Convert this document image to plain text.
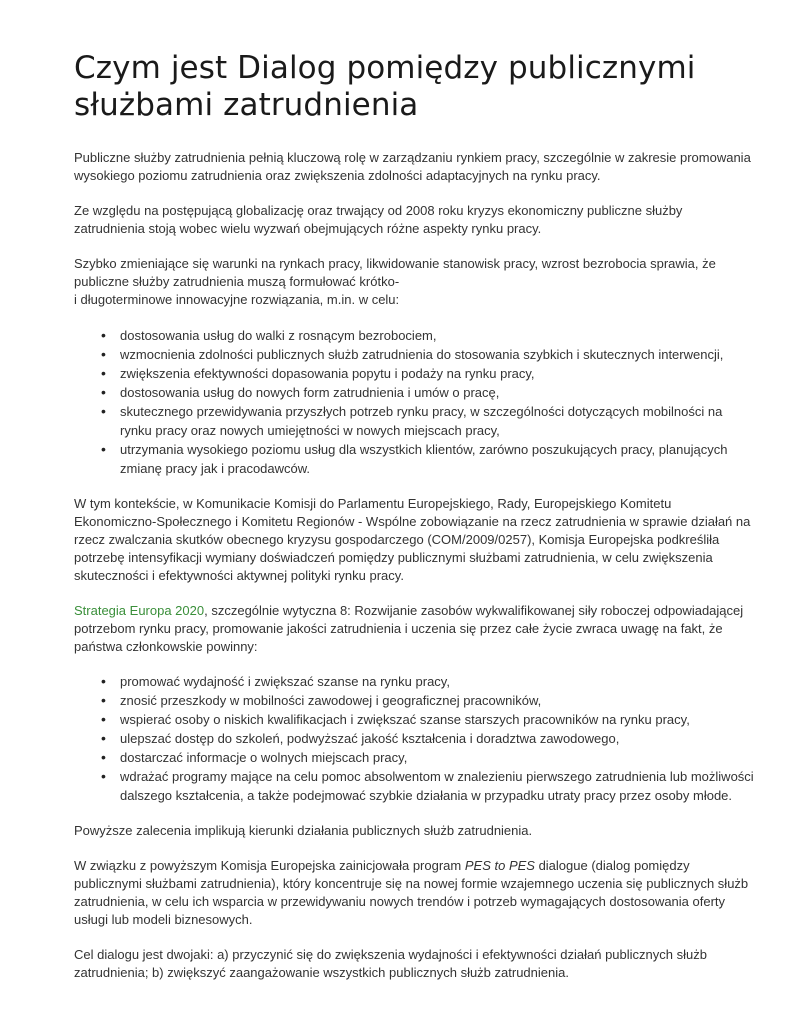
Czym jest Dialog pomiędzy publicznymi służbami zatrudnienia

Publiczne służby zatrudnienia pełnią kluczową rolę w zarządzaniu rynkiem pracy, szczególnie w zakresie promowania wysokiego poziomu zatrudnienia oraz zwiększenia zdolności adaptacyjnych na rynku pracy.

Ze względu na postępującą globalizację oraz trwający od 2008 roku kryzys ekonomiczny publiczne służby zatrudnienia stoją wobec wielu wyzwań obejmujących różne aspekty rynku pracy.

Szybko zmieniające się warunki na rynkach pracy, likwidowanie stanowisk pracy, wzrost bezrobocia sprawia, że publiczne służby zatrudnienia muszą formułować krótko-
i długoterminowe innowacyjne rozwiązania, m.in. w celu:

• dostosowania usług do walki z rosnącym bezrobociem,
• wzmocnienia zdolności publicznych służb zatrudnienia do stosowania szybkich i skutecznych interwencji,
• zwiększenia efektywności dopasowania popytu i podaży na rynku pracy,
• dostosowania usług do nowych form zatrudnienia i umów o pracę,
• skutecznego przewidywania przyszłych potrzeb rynku pracy, w szczególności dotyczących mobilności na rynku pracy oraz nowych umiejętności w nowych miejscach pracy,
• utrzymania wysokiego poziomu usług dla wszystkich klientów, zarówno poszukujących pracy, planujących zmianę pracy jak i pracodawców.

W tym kontekście, w Komunikacie Komisji do Parlamentu Europejskiego, Rady, Europejskiego Komitetu Ekonomiczno-Społecznego i Komitetu Regionów - Wspólne zobowiązanie na rzecz zatrudnienia w sprawie działań na rzecz zwalczania skutków obecnego kryzysu gospodarczego (COM/2009/0257), Komisja Europejska podkreśliła potrzebę intensyfikacji wymiany doświadczeń pomiędzy publicznymi służbami zatrudnienia, w celu zwiększenia skuteczności i efektywności aktywnej polityki rynku pracy.

Strategia Europa 2020, szczególnie wytyczna 8: Rozwijanie zasobów wykwalifikowanej siły roboczej odpowiadającej potrzebom rynku pracy, promowanie jakości zatrudnienia i uczenia się przez całe życie zwraca uwagę na fakt, że państwa członkowskie powinny:

• promować wydajność i zwiększać szanse na rynku pracy,
• znosić przeszkody w mobilności zawodowej i geograficznej pracowników,
• wspierać osoby o niskich kwalifikacjach i zwiększać szanse starszych pracowników na rynku pracy,
• ulepszać dostęp do szkoleń, podwyższać jakość kształcenia i doradztwa zawodowego,
• dostarczać informacje o wolnych miejscach pracy,
• wdrażać programy mające na celu pomoc absolwentom w znalezieniu pierwszego zatrudnienia lub możliwości dalszego kształcenia, a także podejmować szybkie działania w przypadku utraty pracy przez osoby młode.

Powyższe zalecenia implikują kierunki działania publicznych służb zatrudnienia.

W związku z powyższym Komisja Europejska zainicjowała program PES to PES dialogue (dialog pomiędzy publicznymi służbami zatrudnienia), który koncentruje się na nowej formie wzajemnego uczenia się publicznych służb zatrudnienia, w celu ich wsparcia w przewidywaniu nowych trendów i potrzeb wymagających dostosowania oferty usługi lub modeli biznesowych.

Cel dialogu jest dwojaki: a) przyczynić się do zwiększenia wydajności i efektywności działań publicznych służb zatrudnienia; b) zwiększyć zaangażowanie wszystkich publicznych służb zatrudnienia.
